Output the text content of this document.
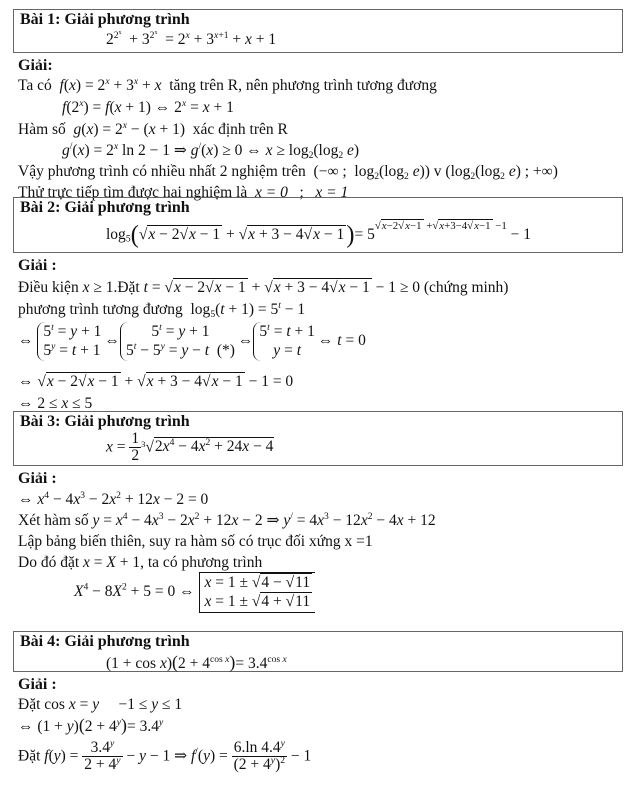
Bài 1: Giải phương trình
$2^{2^x} + 3^{2^x} = 2^x + 3^{x+1} + x + 1$
Giải:
Ta có $f(x) = 2^x + 3^x + x$ tăng trên R, nên phương trình tương đương
$f(2^x) = f(x + 1)$ ⇔ $2^x = x + 1$
Hàm số $g(x) = 2^x - (x + 1)$  xác định trên R
$g^/(x) = 2^x$ ln 2 − 1 ⇒ g/(x) ≥ 0 ⇔ $x \ge \log_2(\log_2$ e)
Vậy phương trình có nhiều nhất 2 nghiệm trên  (−∞ ;  $\log_2(\log_2$ e)) v ($\log_2(\log_2$ e) ; +∞)
Thử trực tiếp tìm được hai nghiệm là x = 0 ; x = 1
Bài 2: Giải phương trình
$\log_5(√x - 2√x - 1 + √x + 3 - 4√x - 1)= 5^{√x-2√x-1 +√x+3-4√x-1 -1} - 1$
Giải :
Điều kiện x ≥ 1.Đặt t = √x − 2√x − 1 + √x + 3 − 4√x − 1 − 1 ≥ 0 (chứng minh)
phương trình tương đương  $\log_5(t + 1) = 5^t - 1$
⇔
$5^t = y + 1$
$5^y = t + 1$
⇔
$5^t = y + 1$
$5^t - 5^y = y - t$ (*)
⇔
$5^t = t + 1$
y = t
⇔ t = 0
⇔ √x − 2√x − 1 + √x + 3 − 4√x − 1 − 1 = 0
⇔ 2 ≤ x ≤ 5
Bài 3: Giải phương trình
$x = \frac{1}{2} ^3√2x^4 - 4x^2 + 24x - 4$
Giải :
⇔ $x^4 - 4x^3 - 2x^2 + 12x - 2 = 0$
Xét hàm số $y = x^4 - 4x^3 - 2x^2 + 12x - 2$ ⇒ $y^/ = 4x^3 - 12x^2 - 4x + 12$
Lập bảng biến thiên, suy ra hàm số có trục đối xứng x =1
Do đó đặt x = X + 1, ta có phương trình
$X^4 - 8X^2 + 5 = 0$ ⇔
x = 1 ± √4 − √11
x = 1 ± √4 + √11
Bài 4: Giải phương trình
$(1 + \cos x)(2 + 4^{cos x})= 3.4^{cos x}$
Giải :
Đặt cos x = y     −1 ≤ y ≤ 1
⇔ $(1 + y)(2 + 4^y)= 3.4^y$
Đặt $f(y) = \frac{3.4^y}{2 + 4^y} - y - 1$ ⇒ $f^/(y) = \frac{6.\ln 4.4^y}{(2 + 4^y)^2} - 1$
